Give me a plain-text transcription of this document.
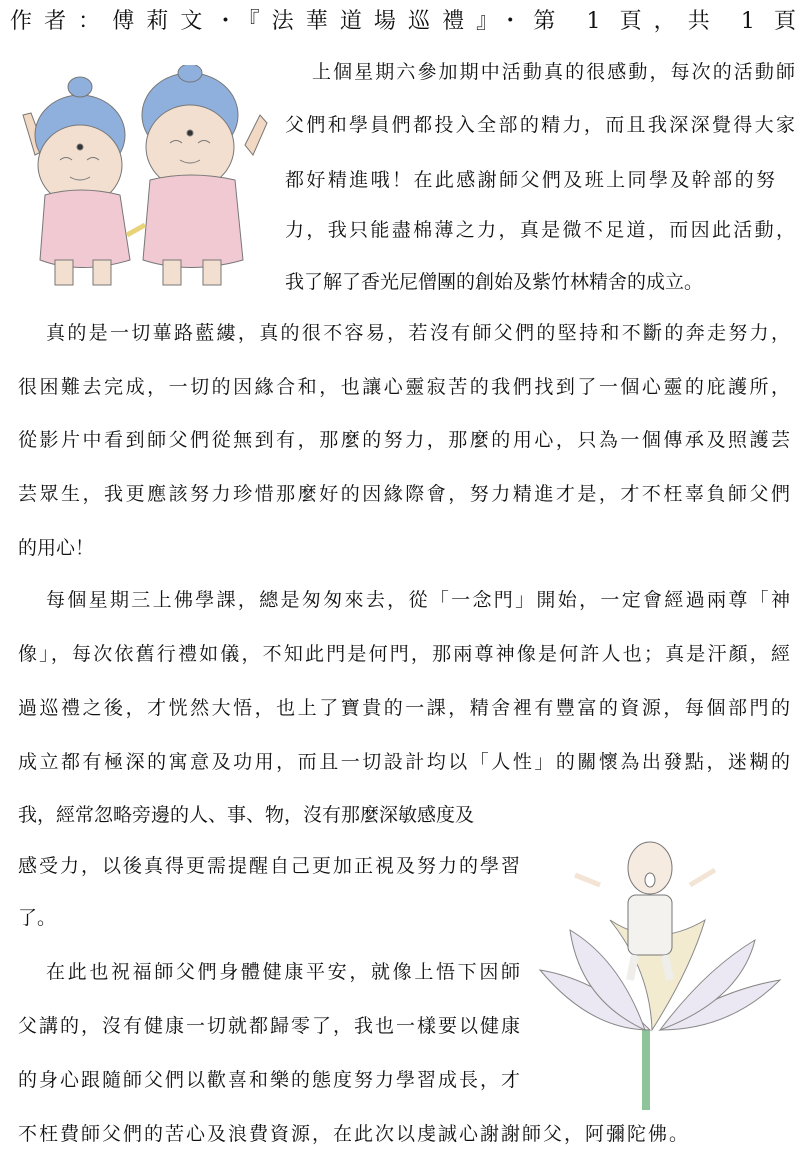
作者：傅莉文・『法華道場巡禮』・第 1 頁，共 1 頁
上個星期六參加期中活動真的很感動，每次的活動師
父們和學員們都投入全部的精力，而且我深深覺得大家
都好精進哦！在此感謝師父們及班上同學及幹部的努
力，我只能盡棉薄之力，真是微不足道，而因此活動，
我了解了香光尼僧團的創始及紫竹林精舍的成立。
真的是一切蓽路藍縷，真的很不容易，若沒有師父們的堅持和不斷的奔走努力，
很困難去完成，一切的因緣合和，也讓心靈寂苦的我們找到了一個心靈的庇護所，
從影片中看到師父們從無到有，那麼的努力，那麼的用心，只為一個傳承及照護芸
芸眾生，我更應該努力珍惜那麼好的因緣際會，努力精進才是，才不枉辜負師父們
的用心！
每個星期三上佛學課，總是匆匆來去，從「一念門」開始，一定會經過兩尊「神
像」，每次依舊行禮如儀，不知此門是何門，那兩尊神像是何許人也；真是汗顏，經
過巡禮之後，才恍然大悟，也上了寶貴的一課，精舍裡有豐富的資源，每個部門的
成立都有極深的寓意及功用，而且一切設計均以「人性」的關懷為出發點，迷糊的
我，經常忽略旁邊的人、事、物，沒有那麼深敏感度及
感受力，以後真得更需提醒自己更加正視及努力的學習
了。
在此也祝福師父們身體健康平安，就像上悟下因師
父講的，沒有健康一切就都歸零了，我也一樣要以健康
的身心跟隨師父們以歡喜和樂的態度努力學習成長，才
不枉費師父們的苦心及浪費資源，在此次以虔誠心謝謝師父，阿彌陀佛。
